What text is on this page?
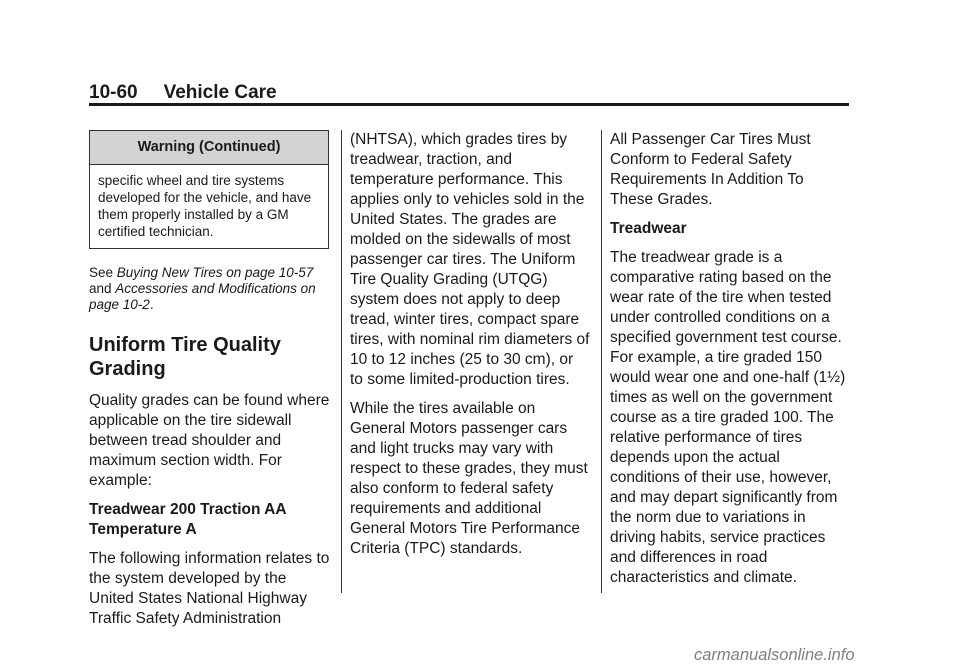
10-60 Vehicle Care
Warning (Continued)
specific wheel and tire systems developed for the vehicle, and have them properly installed by a GM certified technician.
See Buying New Tires on page 10-57 and Accessories and Modifications on page 10-2.
Uniform Tire Quality Grading

Quality grades can be found where applicable on the tire sidewall between tread shoulder and maximum section width. For example:

Treadwear 200 Traction AA Temperature A

The following information relates to the system developed by the United States National Highway Traffic Safety Administration

(NHTSA), which grades tires by treadwear, traction, and temperature performance. This applies only to vehicles sold in the United States. The grades are molded on the sidewalls of most passenger car tires. The Uniform Tire Quality Grading (UTQG) system does not apply to deep tread, winter tires, compact spare tires, with nominal rim diameters of 10 to 12 inches (25 to 30 cm), or to some limited-production tires.

While the tires available on General Motors passenger cars and light trucks may vary with respect to these grades, they must also conform to federal safety requirements and additional General Motors Tire Performance Criteria (TPC) standards.

All Passenger Car Tires Must Conform to Federal Safety Requirements In Addition To These Grades.

Treadwear

The treadwear grade is a comparative rating based on the wear rate of the tire when tested under controlled conditions on a specified government test course. For example, a tire graded 150 would wear one and one-half (1½) times as well on the government course as a tire graded 100. The relative performance of tires depends upon the actual conditions of their use, however, and may depart significantly from the norm due to variations in driving habits, service practices and differences in road characteristics and climate.

carmanualsonline.info
